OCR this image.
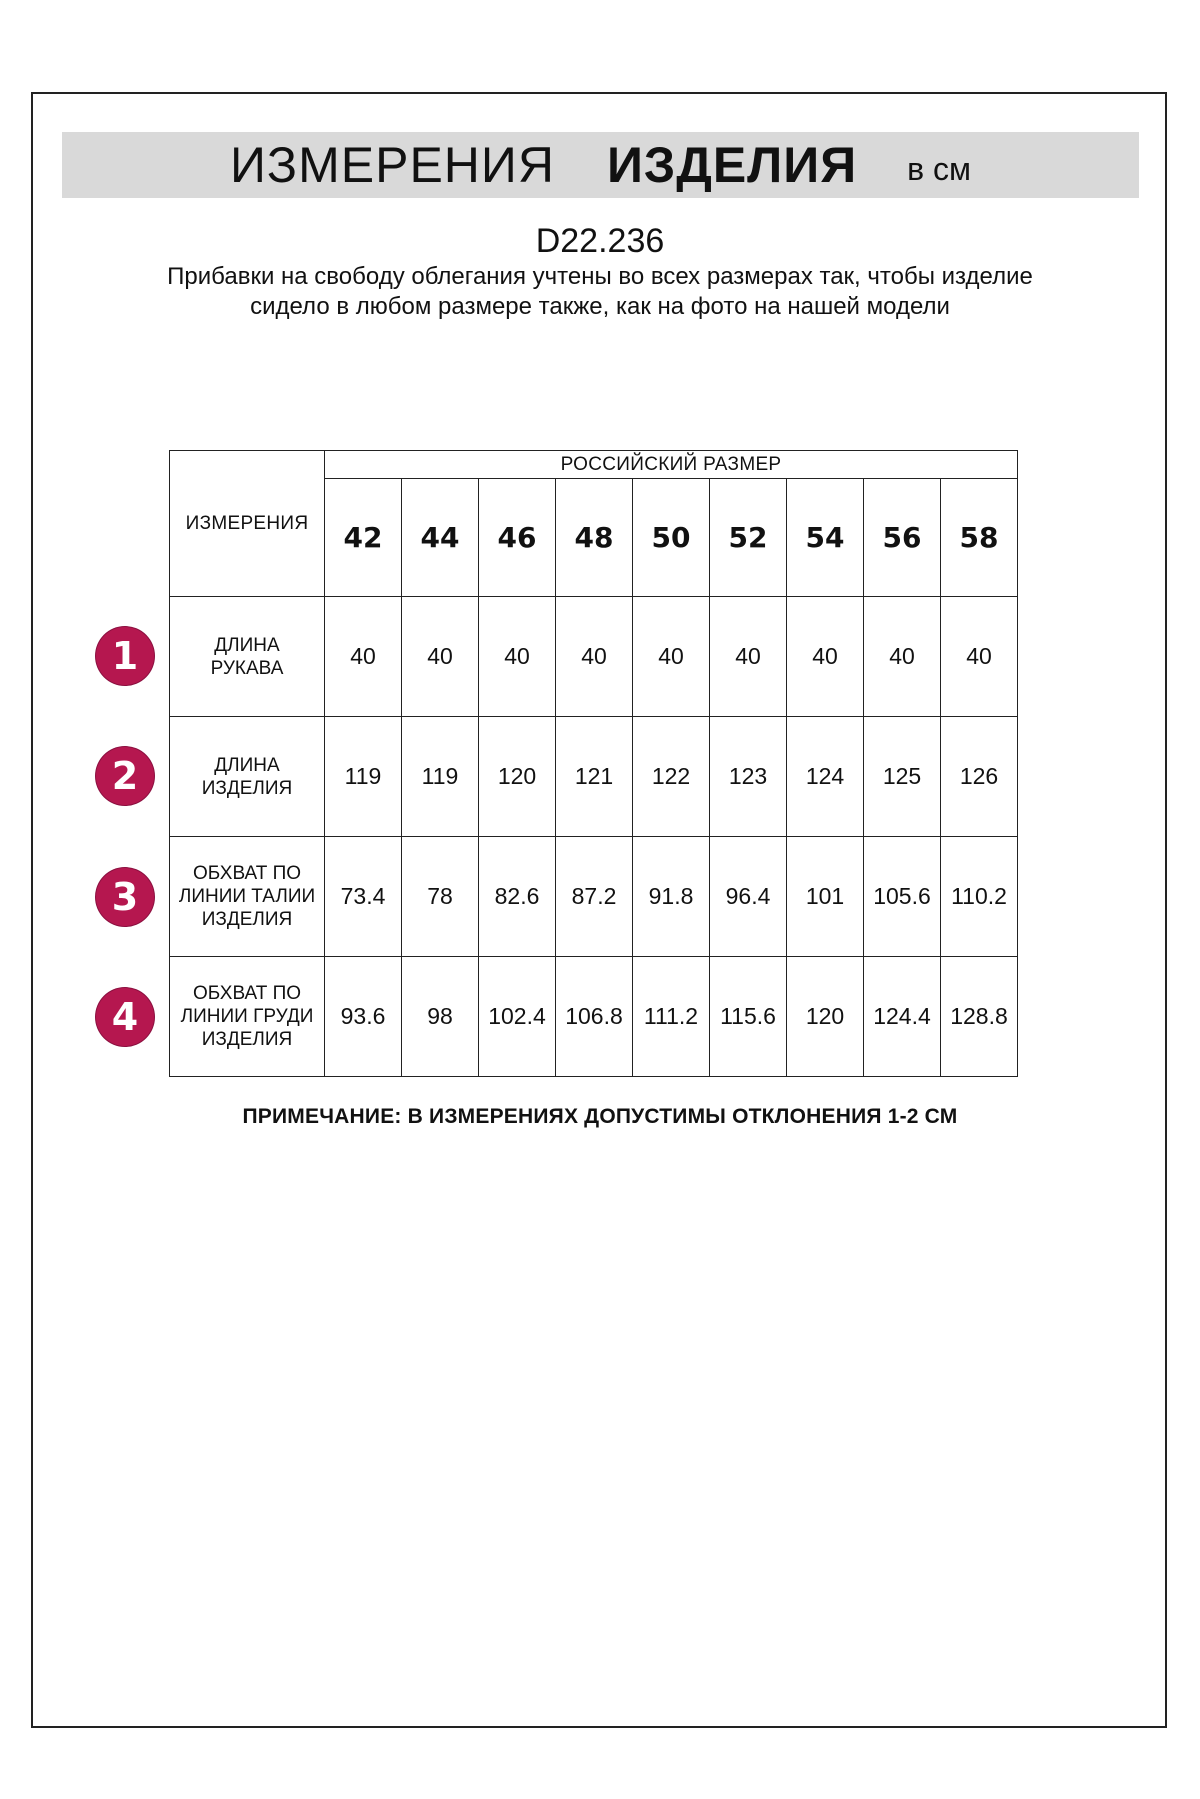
ИЗМЕРЕНИЯ ИЗДЕЛИЯ в см
D22.236
Прибавки на свободу облегания учтены во всех размерах так, чтобы изделие сидело в любом размере также, как на фото на нашей модели
ИЗМЕРЕНИЯ	РОССИЙСКИЙ РАЗМЕР								
	42	44	46	48	50	52	54	56	58

ДЛИНА
РУКАВА	40	40	40	40	40	40	40	40	40

ДЛИНА
ИЗДЕЛИЯ	119	119	120	121	122	123	124	125	126

ОБХВАТ ПО
ЛИНИИ ТАЛИИ
ИЗДЕЛИЯ	73.4	78	82.6	87.2	91.8	96.4	101	105.6	110.2

ОБХВАТ ПО
ЛИНИИ ГРУДИ
ИЗДЕЛИЯ	93.6	98	102.4	106.8	111.2	115.6	120	124.4	128.8
1
2
3
4
ПРИМЕЧАНИЕ: В ИЗМЕРЕНИЯХ ДОПУСТИМЫ ОТКЛОНЕНИЯ 1-2 СМ
